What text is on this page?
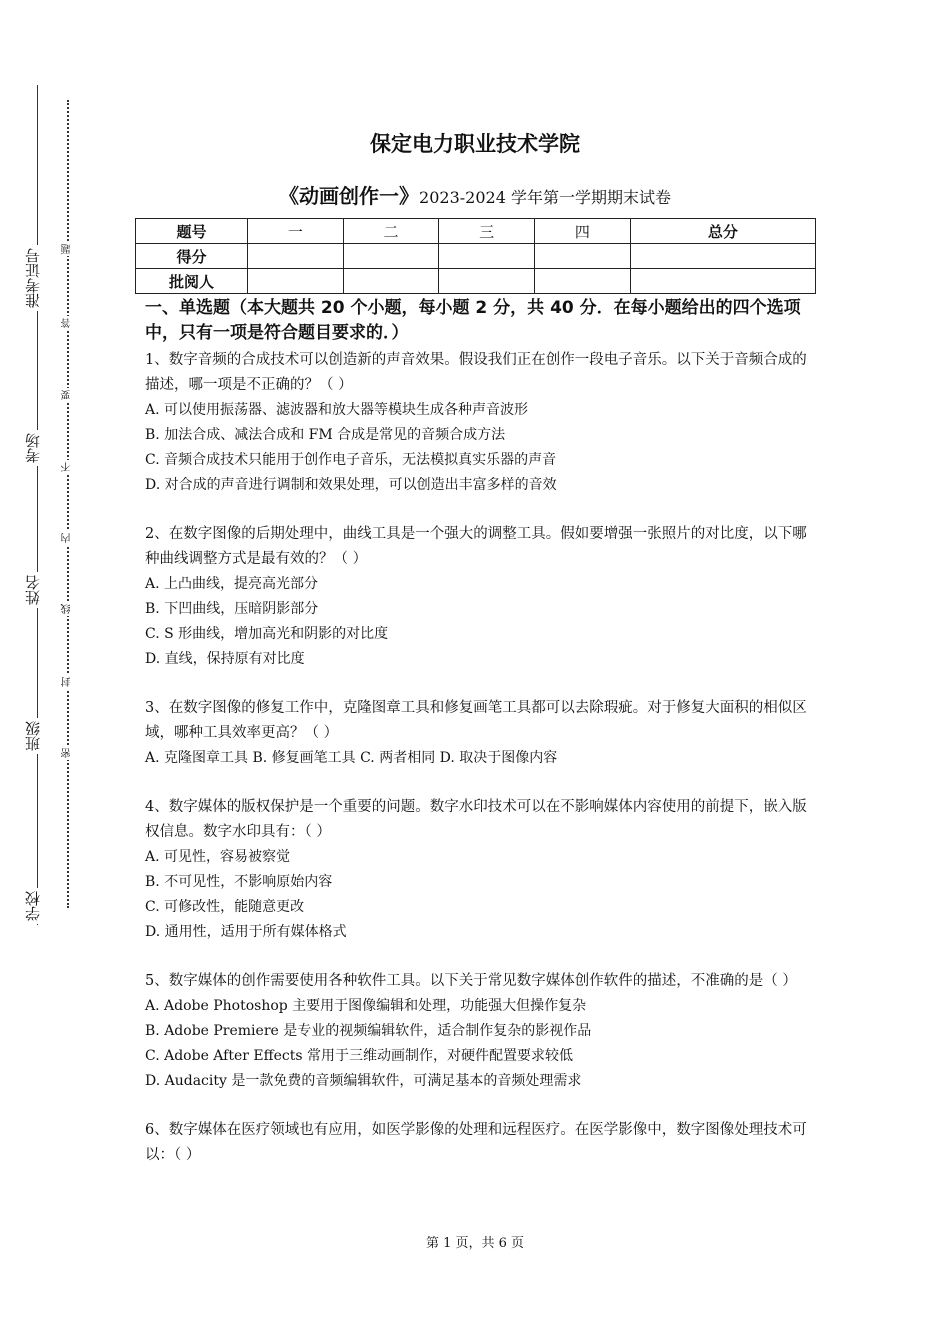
准考证号
考场
姓名
班级
学校
题
答
要
不
内
线
封
密
保定电力职业技术学院
《动画创作一》2023-2024 学年第一学期期末试卷
题号	一	二	三	四	总分
得分					
批阅人					
一、单选题（本大题共 20 个小题，每小题 2 分，共 40 分．在每小题给出的四个选项中，只有一项是符合题目要求的．）

1、数字音频的合成技术可以创造新的声音效果。假设我们正在创作一段电子音乐。以下关于音频合成的描述，哪一项是不正确的？（ ）

A. 可以使用振荡器、滤波器和放大器等模块生成各种声音波形

B. 加法合成、减法合成和 FM 合成是常见的音频合成方法

C. 音频合成技术只能用于创作电子音乐，无法模拟真实乐器的声音

D. 对合成的声音进行调制和效果处理，可以创造出丰富多样的音效

2、在数字图像的后期处理中，曲线工具是一个强大的调整工具。假如要增强一张照片的对比度，以下哪种曲线调整方式是最有效的？（ ）

A. 上凸曲线，提亮高光部分

B. 下凹曲线，压暗阴影部分

C. S 形曲线，增加高光和阴影的对比度

D. 直线，保持原有对比度

3、在数字图像的修复工作中，克隆图章工具和修复画笔工具都可以去除瑕疵。对于修复大面积的相似区域，哪种工具效率更高？（ ）

A. 克隆图章工具 B. 修复画笔工具 C. 两者相同 D. 取决于图像内容

4、数字媒体的版权保护是一个重要的问题。数字水印技术可以在不影响媒体内容使用的前提下，嵌入版权信息。数字水印具有：（ ）

A. 可见性，容易被察觉

B. 不可见性，不影响原始内容

C. 可修改性，能随意更改

D. 通用性，适用于所有媒体格式

5、数字媒体的创作需要使用各种软件工具。以下关于常见数字媒体创作软件的描述，不准确的是（ ）

A. Adobe Photoshop 主要用于图像编辑和处理，功能强大但操作复杂

B. Adobe Premiere 是专业的视频编辑软件，适合制作复杂的影视作品

C. Adobe After Effects 常用于三维动画制作，对硬件配置要求较低

D. Audacity 是一款免费的音频编辑软件，可满足基本的音频处理需求

6、数字媒体在医疗领域也有应用，如医学影像的处理和远程医疗。在医学影像中，数字图像处理技术可以：（ ）

第 1 页，共 6 页
